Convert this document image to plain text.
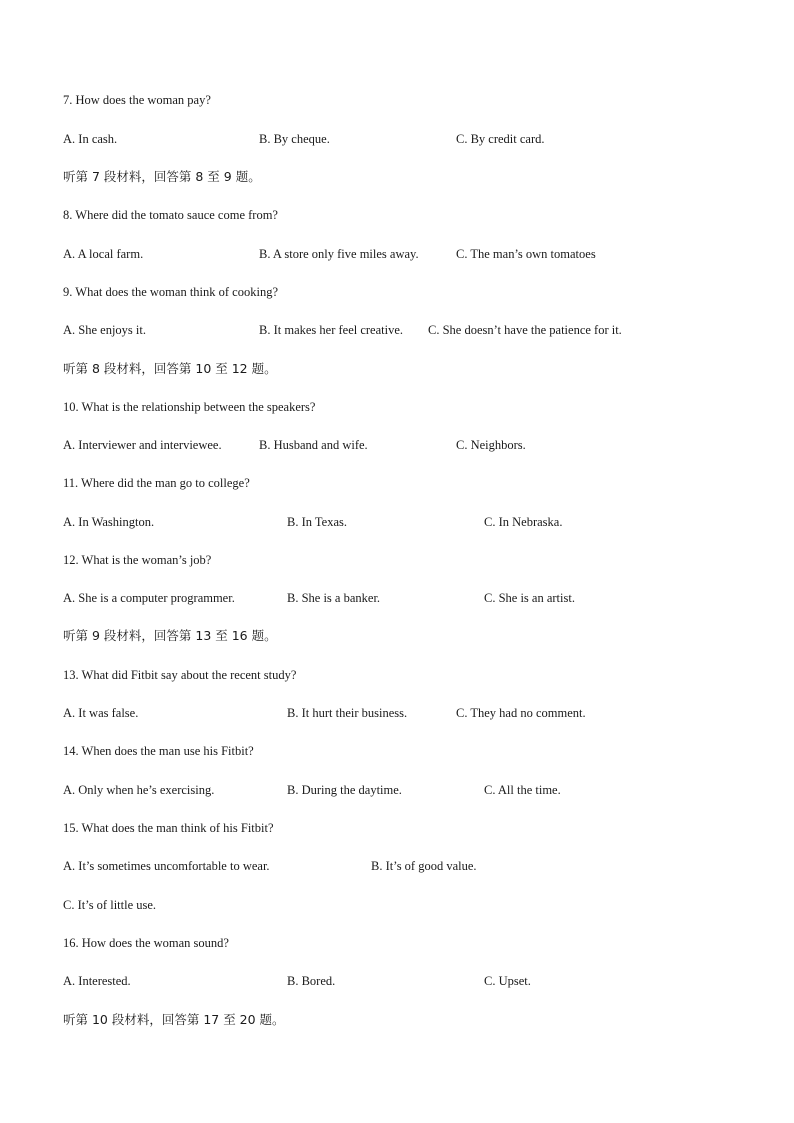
7. How does the woman pay?
A. In cash.	B. By cheque.	C. By credit card.
听第 7 段材料，回答第 8 至 9 题。
8. Where did the tomato sauce come from?
A. A local farm.	B. A store only five miles away.	C. The man’s own tomatoes
9. What does the woman think of cooking?
A. She enjoys it.	B. It makes her feel creative. C. She doesn’t have the patience for it.
听第 8 段材料，回答第 10 至 12 题。
10. What is the relationship between the speakers?
A. Interviewer and interviewee.	B. Husband and wife.	C. Neighbors.
11. Where did the man go to college?
A. In Washington.	B. In Texas.	C. In Nebraska.
12. What is the woman’s job?
A. She is a computer programmer.	B. She is a banker.	C. She is an artist.
听第 9 段材料，回答第 13 至 16 题。
13. What did Fitbit say about the recent study?
A. It was false.	B. It hurt their business.	C. They had no comment.
14. When does the man use his Fitbit?
A. Only when he’s exercising.	B. During the daytime.	C. All the time.
15. What does the man think of his Fitbit?
A. It’s sometimes uncomfortable to wear.	B. It’s of good value.
C. It’s of little use.
16. How does the woman sound?
A. Interested.	B. Bored.	C. Upset.
听第 10 段材料，回答第 17 至 20 题。
